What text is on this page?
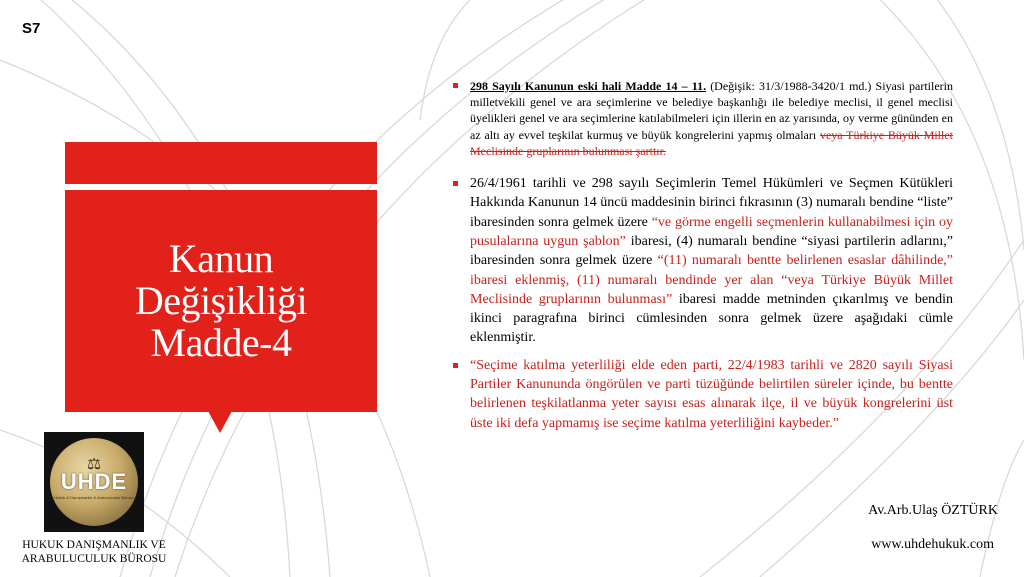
S7
Kanun
Değişikliği
Madde-4
⚖
UHDE
Hukuk & Danışmanlık & Arabuluculuk Bürosu
HUKUK DANIŞMANLIK VE
ARABULUCULUK BÜROSU
298 Sayılı Kanunun eski hali Madde 14 – 11. (Değişik: 31/3/1988-3420/1 md.) Siyasi partilerin milletvekili genel ve ara seçimlerine ve belediye başkanlığı ile belediye meclisi, il genel meclisi üyelikleri genel ve ara seçimlerine katılabilmeleri için illerin en az yarısında, oy verme gününden en az altı ay evvel teşkilat kurmuş ve büyük kongrelerini yapmış olmaları veya Türkiye Büyük Millet Meclisinde gruplarının bulunması şarttır.
26/4/1961 tarihli ve 298 sayılı Seçimlerin Temel Hükümleri ve Seçmen Kütükleri Hakkında Kanunun 14 üncü maddesinin birinci fıkrasının (3) numaralı bendine “liste” ibaresinden sonra gelmek üzere “ve görme engelli seçmenlerin kullanabilmesi için oy pusulalarına uygun şablon” ibaresi, (4) numaralı bendine “siyasi partilerin adlarını,” ibaresinden sonra gelmek üzere “(11) numaralı bentte belirlenen esaslar dâhilinde,” ibaresi eklenmiş, (11) numaralı bendinde yer alan “veya Türkiye Büyük Millet Meclisinde gruplarının bulunması” ibaresi madde metninden çıkarılmış ve bendin ikinci paragrafına birinci cümlesinden sonra gelmek üzere aşağıdaki cümle eklenmiştir.
“Seçime katılma yeterliliği elde eden parti, 22/4/1983 tarihli ve 2820 sayılı Siyasi Partiler Kanununda öngörülen ve parti tüzüğünde belirtilen süreler içinde, bu bentte belirlenen teşkilatlanma yeter sayısı esas alınarak ilçe, il ve büyük kongrelerini üst üste iki defa yapmamış ise seçime katılma yeterliliğini kaybeder.”
Av.Arb.Ulaş ÖZTÜRK
www.uhdehukuk.com
